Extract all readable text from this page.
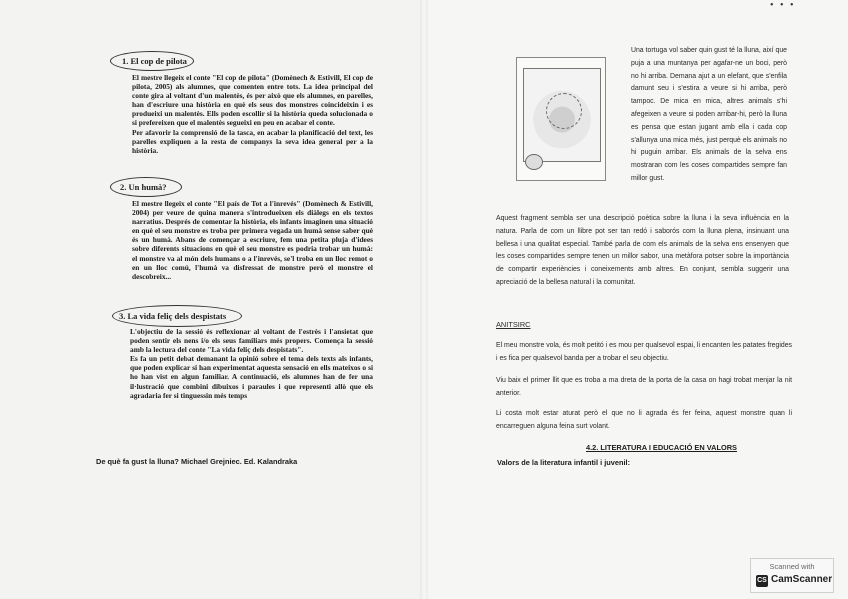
1. El cop de pilota

El mestre llegeix el conte "El cop de pilota" (Domènech & Estivill, El cop de pilota, 2005) als alumnes, que comenten entre tots. La idea principal del conte gira al voltant d'un malentès, és per això que els alumnes, en parelles, han d'escriure una història en què els seus dos monstres coincideixin i es produeixi un malentès. Ells poden escollir si la història queda solucionada o si prefereixen que el malentès segueixi en peu en acabar el conte.

Per afavorir la comprensió de la tasca, en acabar la planificació del text, les parelles expliquen a la resta de companys la seva idea general per a la història.

2. Un humà?

El mestre llegeix el conte "El país de Tot a l'inrevés" (Domènech & Estivill, 2004) per veure de quina manera s'introdueixen els diàlegs en els textos narratius. Després de comentar la història, els infants imaginen una situació en què el seu monstre es troba per primera vegada un humà sense saber què és un humà. Abans de començar a escriure, fem una petita pluja d'idees sobre diferents situacions en què el seu monstre es podria trobar un humà: el monstre va al món dels humans o a l'inrevés, se'l troba en un lloc remot o en un lloc comú, l'humà va disfressat de monstre però el monstre el descobreix...

3. La vida feliç dels despistats

L'objectiu de la sessió és reflexionar al voltant de l'estrès i l'ansietat que poden sentir els nens i/o els seus familiars més propers. Comença la sessió amb la lectura del conte "La vida feliç dels despistats".

Es fa un petit debat demanant la opinió sobre el tema dels texts als infants, que poden explicar si han experimentat aquesta sensació en ells mateixos o si ho han vist en algun familiar. A continuació, els alumnes han de fer una il·lustració que combini dibuixos i paraules i que representi allò que els agradaria fer si tinguessin més temps

De què fa gust la lluna? Michael Grejniec. Ed. Kalandraka
• • •

Una tortuga vol saber quin gust té la lluna, així que puja a una muntanya per agafar-ne un boci, però no hi arriba. Demana ajut a un elefant, que s'enfila damunt seu i s'estira a veure si hi arriba, però tampoc. De mica en mica, altres animals s'hi afegeixen a veure si poden arribar-hi, però la lluna es pensa que estan jugant amb ella i cada cop s'allunya una mica més, just perquè els animals no hi puguin arribar. Els animals de la selva ens mostraran com les coses compartides sempre fan millor gust.

Aquest fragment sembla ser una descripció poètica sobre la lluna i la seva influència en la natura. Parla de com un llibre pot ser tan redó i saborós com la lluna plena, insinuant una bellesa i una qualitat especial. També parla de com els animals de la selva ens ensenyen que les coses compartides sempre tenen un millor sabor, una metàfora potser sobre la importància de compartir experiències i coneixements amb altres. En conjunt, sembla suggerir una apreciació de la bellesa natural i la comunitat.

ANITSIRC

El meu monstre vola, és molt petitó i es mou per qualsevol espai, li encanten les patates fregides i es fica per qualsevol banda per a trobar el seu objectiu.

Viu baix el primer llit que es troba a ma dreta de la porta de la casa on hagi trobat menjar la nit anterior.

Li costa molt estar aturat però el que no li agrada és fer feina, aquest monstre quan li encarreguen alguna feina surt volant.

4.2. LITERATURA I EDUCACIÓ EN VALORS
Valors de la literatura infantil i juvenil:
Scanned with
CS CamScanner
